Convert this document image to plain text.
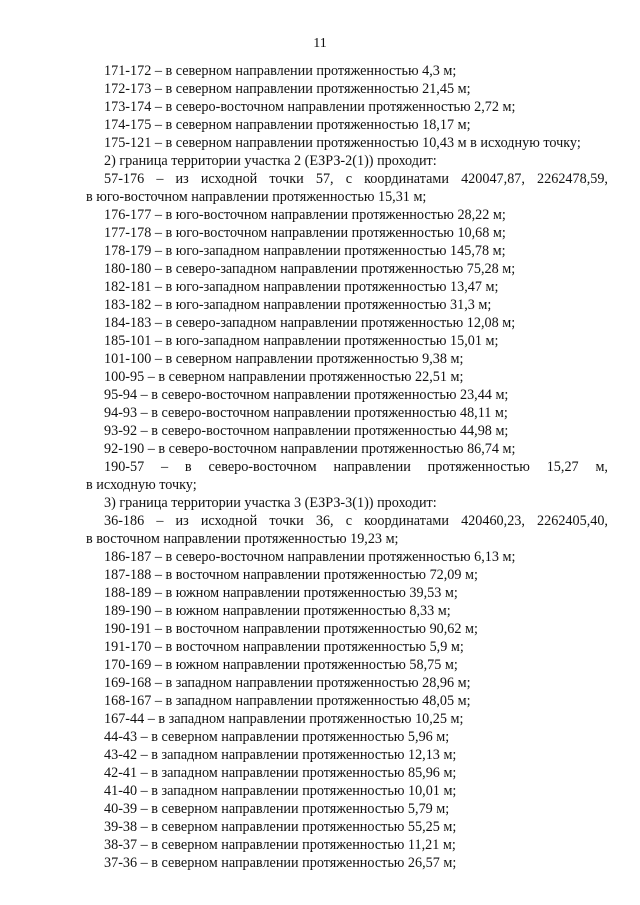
11
171-172 – в северном направлении протяженностью 4,3 м;
172-173 – в северном направлении протяженностью 21,45 м;
173-174 – в северо-восточном направлении протяженностью 2,72 м;
174-175 – в северном направлении протяженностью 18,17 м;
175-121 – в северном направлении протяженностью 10,43 м в исходную точку;
2) граница территории участка 2 (ЕЗРЗ-2(1)) проходит:
57-176 – из исходной точки 57, с координатами 420047,87, 2262478,59,
в юго-восточном направлении протяженностью 15,31 м;
176-177 – в юго-восточном направлении протяженностью 28,22 м;
177-178 – в юго-восточном направлении протяженностью 10,68 м;
178-179 – в юго-западном направлении протяженностью 145,78 м;
180-180 – в северо-западном направлении протяженностью 75,28 м;
182-181 – в юго-западном направлении протяженностью 13,47 м;
183-182 – в юго-западном направлении протяженностью 31,3 м;
184-183 – в северо-западном направлении протяженностью 12,08 м;
185-101 – в юго-западном направлении протяженностью 15,01 м;
101-100 – в северном направлении протяженностью 9,38 м;
100-95 – в северном направлении протяженностью 22,51 м;
95-94 – в северо-восточном направлении протяженностью 23,44 м;
94-93 – в северо-восточном направлении протяженностью 48,11 м;
93-92 – в северо-восточном направлении протяженностью 44,98 м;
92-190 – в северо-восточном направлении протяженностью 86,74 м;
190-57 – в северо-восточном направлении протяженностью 15,27 м,
в исходную точку;
3) граница территории участка 3 (ЕЗРЗ-3(1)) проходит:
36-186 – из исходной точки 36, с координатами 420460,23, 2262405,40,
в восточном направлении протяженностью 19,23 м;
186-187 – в северо-восточном направлении протяженностью 6,13 м;
187-188 – в восточном направлении протяженностью 72,09 м;
188-189 – в южном направлении протяженностью 39,53 м;
189-190 – в южном направлении протяженностью 8,33 м;
190-191 – в восточном направлении протяженностью 90,62 м;
191-170 – в восточном направлении протяженностью 5,9 м;
170-169 – в южном направлении протяженностью 58,75 м;
169-168 – в западном направлении протяженностью 28,96 м;
168-167 – в западном направлении протяженностью 48,05 м;
167-44 – в западном направлении протяженностью 10,25 м;
44-43 – в северном направлении протяженностью 5,96 м;
43-42 – в западном направлении протяженностью 12,13 м;
42-41 – в западном направлении протяженностью 85,96 м;
41-40 – в западном направлении протяженностью 10,01 м;
40-39 – в северном направлении протяженностью 5,79 м;
39-38 – в северном направлении протяженностью 55,25 м;
38-37 – в северном направлении протяженностью 11,21 м;
37-36 – в северном направлении протяженностью 26,57 м;
